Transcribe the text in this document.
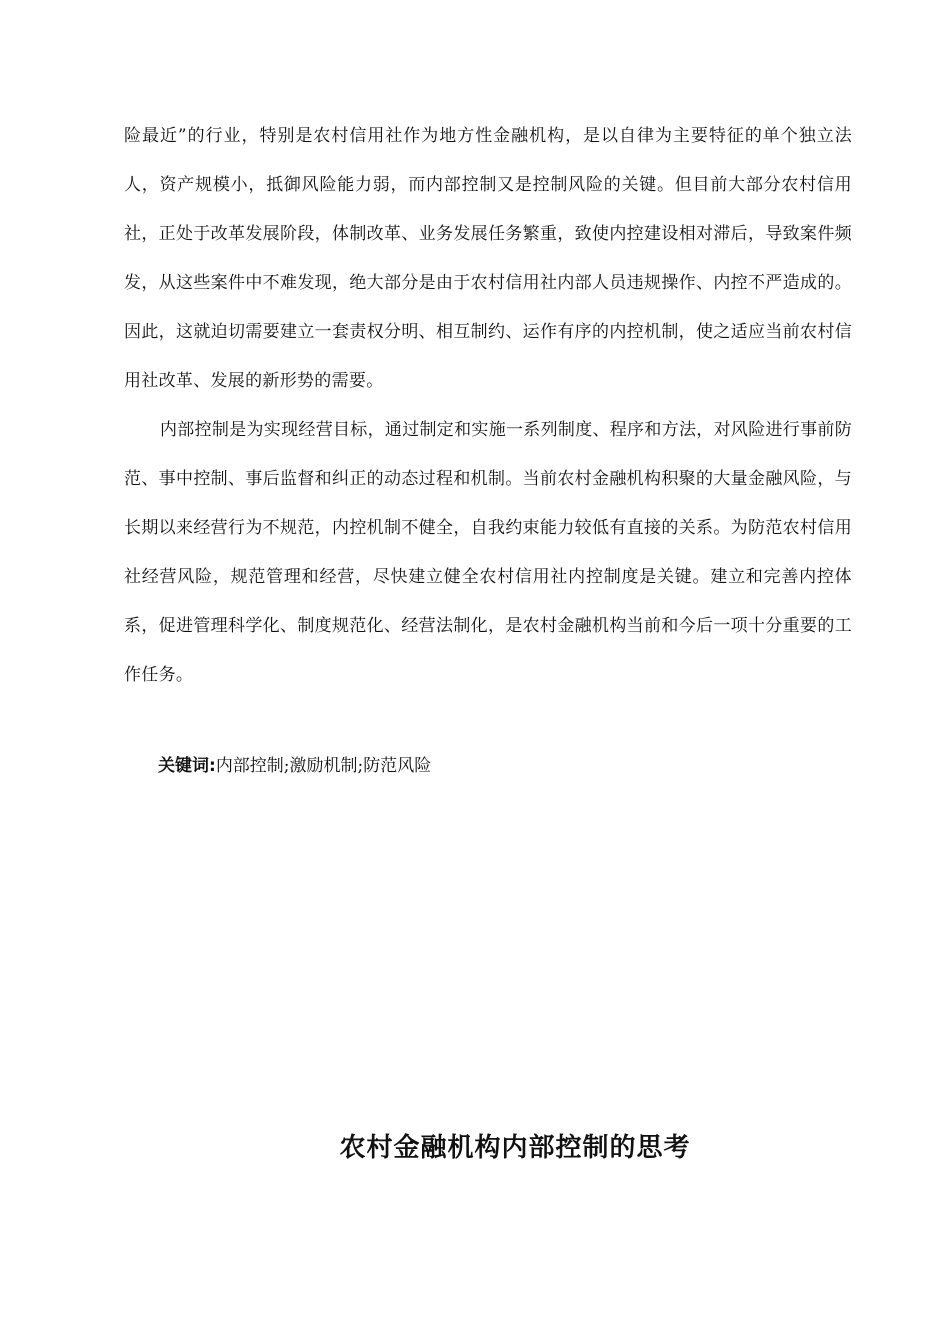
险最近”的行业，特别是农村信用社作为地方性金融机构，是以自律为主要特征的单个独立法人，资产规模小，抵御风险能力弱，而内部控制又是控制风险的关键。但目前大部分农村信用社，正处于改革发展阶段，体制改革、业务发展任务繁重，致使内控建设相对滞后，导致案件频发，从这些案件中不难发现，绝大部分是由于农村信用社内部人员违规操作、内控不严造成的。因此，这就迫切需要建立一套责权分明、相互制约、运作有序的内控机制，使之适应当前农村信用社改革、发展的新形势的需要。

内部控制是为实现经营目标，通过制定和实施一系列制度、程序和方法，对风险进行事前防范、事中控制、事后监督和纠正的动态过程和机制。当前农村金融机构积聚的大量金融风险，与长期以来经营行为不规范，内控机制不健全，自我约束能力较低有直接的关系。为防范农村信用社经营风险，规范管理和经营，尽快建立健全农村信用社内控制度是关键。建立和完善内控体系，促进管理科学化、制度规范化、经营法制化，是农村金融机构当前和今后一项十分重要的工作任务。

关键词:内部控制;激励机制;防范风险
农村金融机构内部控制的思考
